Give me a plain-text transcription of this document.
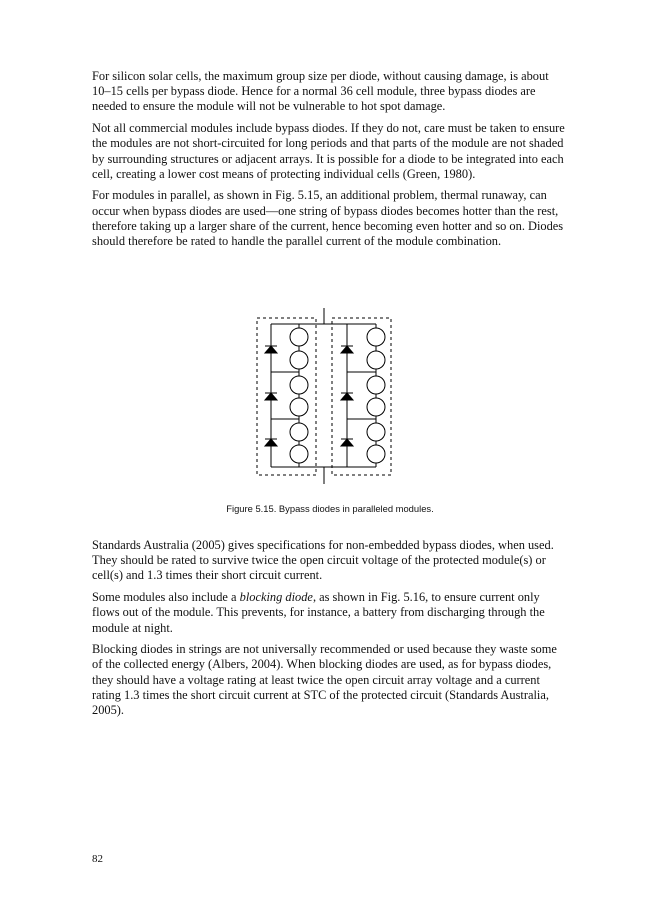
For silicon solar cells, the maximum group size per diode, without causing damage, is about 10–15 cells per bypass diode. Hence for a normal 36 cell module, three bypass diodes are needed to ensure the module will not be vulnerable to hot spot damage.

Not all commercial modules include bypass diodes. If they do not, care must be taken to ensure the modules are not short-circuited for long periods and that parts of the module are not shaded by surrounding structures or adjacent arrays. It is possible for a diode to be integrated into each cell, creating a lower cost means of protecting individual cells (Green, 1980).

For modules in parallel, as shown in Fig. 5.15, an additional problem, thermal runaway, can occur when bypass diodes are used—one string of bypass diodes becomes hotter than the rest, therefore taking up a larger share of the current, hence becoming even hotter and so on. Diodes should therefore be rated to handle the parallel current of the module combination.

Figure 5.15. Bypass diodes in paralleled modules.

Standards Australia (2005) gives specifications for non-embedded bypass diodes, when used. They should be rated to survive twice the open circuit voltage of the protected module(s) or cell(s) and 1.3 times their short circuit current.

Some modules also include a blocking diode, as shown in Fig. 5.16, to ensure current only flows out of the module. This prevents, for instance, a battery from discharging through the module at night.

Blocking diodes in strings are not universally recommended or used because they waste some of the collected energy (Albers, 2004). When blocking diodes are used, as for bypass diodes, they should have a voltage rating at least twice the open circuit array voltage and a current rating 1.3 times the short circuit current at STC of the protected circuit (Standards Australia, 2005).

82
